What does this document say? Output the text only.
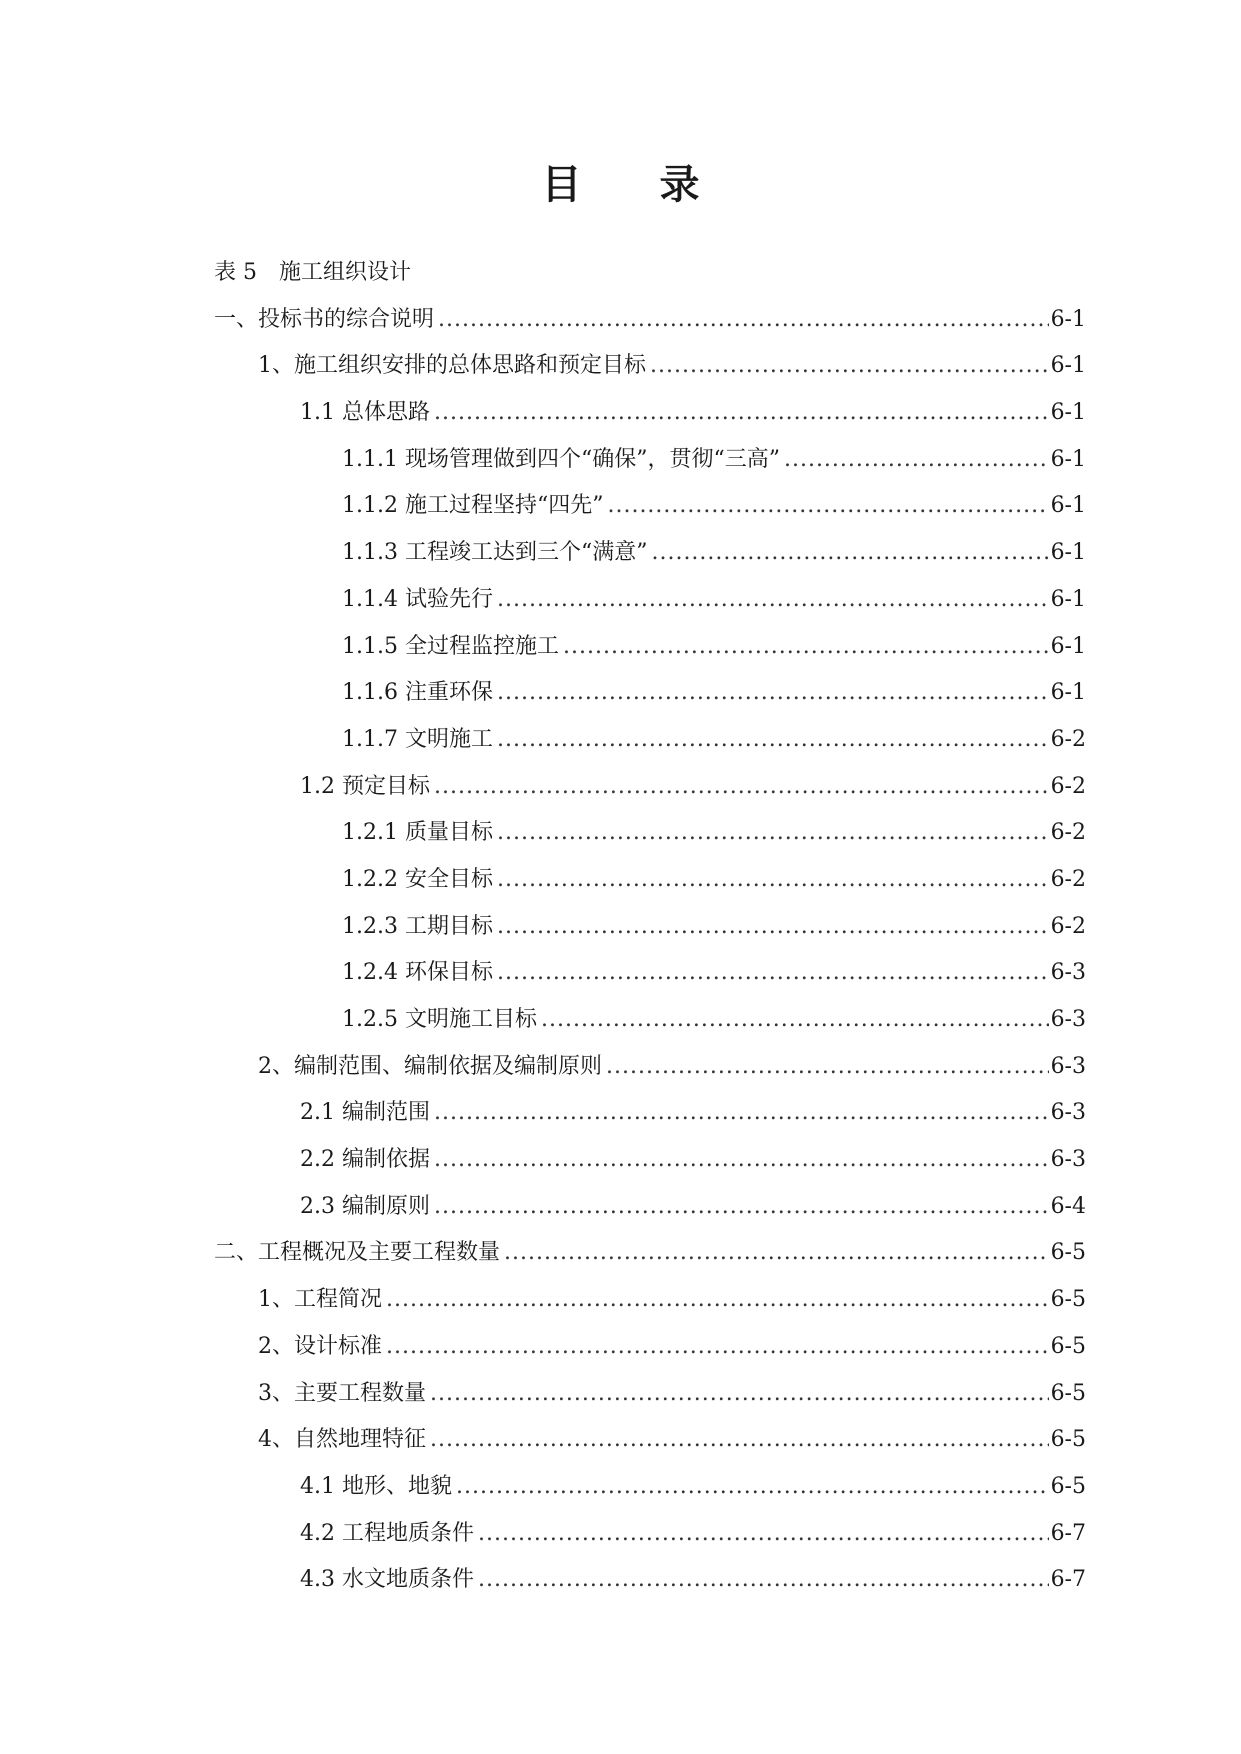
目录
表 5 施工组织设计
一、投标书的综合说明 .....	6-1
1、施工组织安排的总体思路和预定目标 .....	6-1
1.1 总体思路 .....	6-1
1.1.1 现场管理做到四个“确保”，贯彻“三高” .....	6-1
1.1.2 施工过程坚持“四先” .....	6-1
1.1.3 工程竣工达到三个“满意” .....	6-1
1.1.4 试验先行 .....	6-1
1.1.5 全过程监控施工 .....	6-1
1.1.6 注重环保 .....	6-1
1.1.7 文明施工 .....	6-2
1.2 预定目标 .....	6-2
1.2.1 质量目标 .....	6-2
1.2.2 安全目标 .....	6-2
1.2.3 工期目标 .....	6-2
1.2.4 环保目标 .....	6-3
1.2.5 文明施工目标 .....	6-3
2、编制范围、编制依据及编制原则 .....	6-3
2.1 编制范围 .....	6-3
2.2 编制依据 .....	6-3
2.3 编制原则 .....	6-4
二、工程概况及主要工程数量 .....	6-5
1、工程简况 .....	6-5
2、设计标准 .....	6-5
3、主要工程数量 .....	6-5
4、自然地理特征 .....	6-5
4.1 地形、地貌 .....	6-5
4.2 工程地质条件 .....	6-7
4.3 水文地质条件 .....	6-7
